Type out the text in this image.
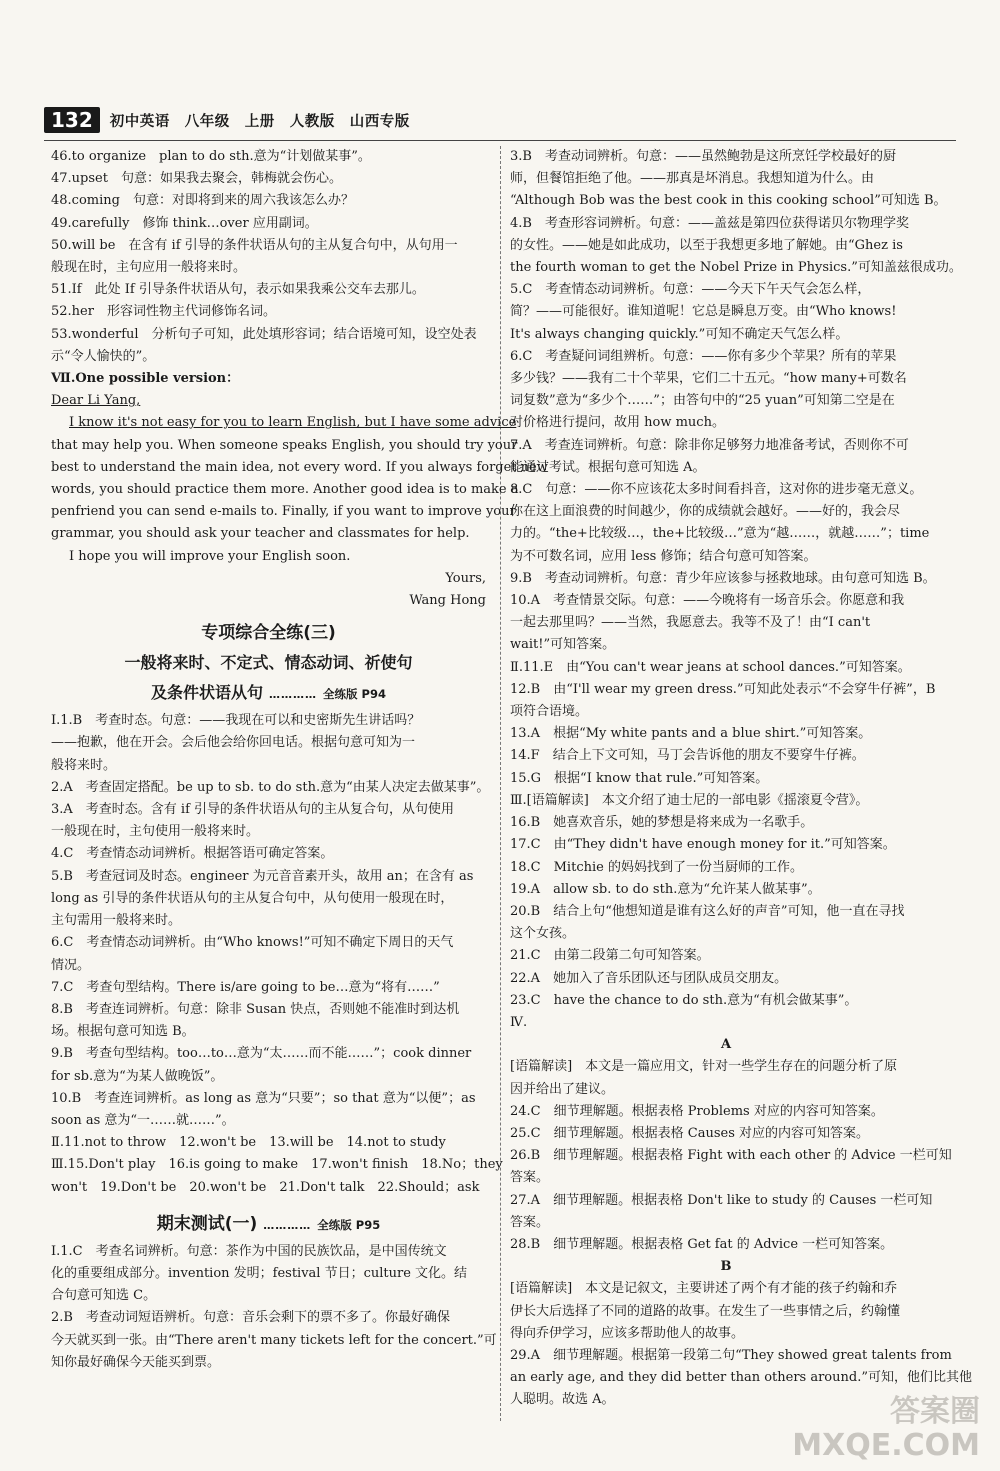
132	初中英语　八年级　上册　人教版　山西专版
46.to organize　plan to do sth.意为“计划做某事”。
47.upset　句意：如果我去聚会，韩梅就会伤心。
48.coming　句意：对即将到来的周六我该怎么办？
49.carefully　修饰 think…over 应用副词。
50.will be　在含有 if 引导的条件状语从句的主从复合句中，从句用一
般现在时，主句应用一般将来时。
51.If　此处 If 引导条件状语从句，表示如果我乘公交车去那儿。
52.her　形容词性物主代词修饰名词。
53.wonderful　分析句子可知，此处填形容词；结合语境可知，设空处表
示“令人愉快的”。
Ⅶ.One possible version：
Dear Li Yang,
I know it's not easy for you to learn English, but I have some advice
that may help you. When someone speaks English, you should try your
best to understand the main idea, not every word. If you always forget new
words, you should practice them more. Another good idea is to make a
penfriend you can send e-mails to. Finally, if you want to improve your
grammar, you should ask your teacher and classmates for help.
I hope you will improve your English soon.
Yours,
Wang Hong
专项综合全练(三)
一般将来时、不定式、情态动词、祈使句
及条件状语从句 ………… 全练版 P94
Ⅰ.1.B　考查时态。句意：——我现在可以和史密斯先生讲话吗？
——抱歉，他在开会。会后他会给你回电话。根据句意可知为一
般将来时。
2.A　考查固定搭配。be up to sb. to do sth.意为“由某人决定去做某事”。
3.A　考查时态。含有 if 引导的条件状语从句的主从复合句，从句使用
一般现在时，主句使用一般将来时。
4.C　考查情态动词辨析。根据答语可确定答案。
5.B　考查冠词及时态。engineer 为元音音素开头，故用 an；在含有 as
long as 引导的条件状语从句的主从复合句中，从句使用一般现在时，
主句需用一般将来时。
6.C　考查情态动词辨析。由“Who knows!”可知不确定下周日的天气
情况。
7.C　考查句型结构。There is/are going to be…意为“将有……”
8.B　考查连词辨析。句意：除非 Susan 快点，否则她不能准时到达机
场。根据句意可知选 B。
9.B　考查句型结构。too…to…意为“太……而不能……”；cook dinner
for sb.意为“为某人做晚饭”。
10.B　考查连词辨析。as long as 意为“只要”；so that 意为“以便”；as
soon as 意为“一……就……”。
Ⅱ.11.not to throw　12.won't be　13.will be　14.not to study
Ⅲ.15.Don't play　16.is going to make　17.won't finish　18.No；they
won't　19.Don't be　20.won't be　21.Don't talk　22.Should；ask
期末测试(一) ………… 全练版 P95
Ⅰ.1.C　考查名词辨析。句意：茶作为中国的民族饮品，是中国传统文
化的重要组成部分。invention 发明；festival 节日；culture 文化。结
合句意可知选 C。
2.B　考查动词短语辨析。句意：音乐会剩下的票不多了。你最好确保
今天就买到一张。由“There aren't many tickets left for the concert.”可
知你最好确保今天能买到票。
3.B　考查动词辨析。句意：——虽然鲍勃是这所烹饪学校最好的厨
师，但餐馆拒绝了他。——那真是坏消息。我想知道为什么。由
“Although Bob was the best cook in this cooking school”可知选 B。
4.B　考查形容词辨析。句意：——盖兹是第四位获得诺贝尔物理学奖
的女性。——她是如此成功，以至于我想更多地了解她。由“Ghez is
the fourth woman to get the Nobel Prize in Physics.”可知盖兹很成功。
5.C　考查情态动词辨析。句意：——今天下午天气会怎么样，
简？——可能很好。谁知道呢！它总是瞬息万变。由“Who knows!
It's always changing quickly.”可知不确定天气怎么样。
6.C　考查疑问词组辨析。句意：——你有多少个苹果？所有的苹果
多少钱？——我有二十个苹果，它们二十五元。“how many+可数名
词复数”意为“多少个……”；由答句中的“25 yuan”可知第二空是在
对价格进行提问，故用 how much。
7.A　考查连词辨析。句意：除非你足够努力地准备考试，否则你不可
能通过考试。根据句意可知选 A。
8.C　句意：——你不应该花太多时间看抖音，这对你的进步毫无意义。
你在这上面浪费的时间越少，你的成绩就会越好。——好的，我会尽
力的。“the+比较级…，the+比较级…”意为“越……，就越……”；time
为不可数名词，应用 less 修饰；结合句意可知答案。
9.B　考查动词辨析。句意：青少年应该参与拯救地球。由句意可知选 B。
10.A　考查情景交际。句意：——今晚将有一场音乐会。你愿意和我
一起去那里吗？——当然，我愿意去。我等不及了！由“I can't
wait!”可知答案。
Ⅱ.11.E　由“You can't wear jeans at school dances.”可知答案。
12.B　由“I'll wear my green dress.”可知此处表示“不会穿牛仔裤”，B
项符合语境。
13.A　根据“My white pants and a blue shirt.”可知答案。
14.F　结合上下文可知，马丁会告诉他的朋友不要穿牛仔裤。
15.G　根据“I know that rule.”可知答案。
Ⅲ.[语篇解读]　本文介绍了迪士尼的一部电影《摇滚夏令营》。
16.B　她喜欢音乐，她的梦想是将来成为一名歌手。
17.C　由“They didn't have enough money for it.”可知答案。
18.C　Mitchie 的妈妈找到了一份当厨师的工作。
19.A　allow sb. to do sth.意为“允许某人做某事”。
20.B　结合上句“他想知道是谁有这么好的声音”可知，他一直在寻找
这个女孩。
21.C　由第二段第二句可知答案。
22.A　她加入了音乐团队还与团队成员交朋友。
23.C　have the chance to do sth.意为“有机会做某事”。
Ⅳ.
A
[语篇解读]　本文是一篇应用文，针对一些学生存在的问题分析了原
因并给出了建议。
24.C　细节理解题。根据表格 Problems 对应的内容可知答案。
25.C　细节理解题。根据表格 Causes 对应的内容可知答案。
26.B　细节理解题。根据表格 Fight with each other 的 Advice 一栏可知
答案。
27.A　细节理解题。根据表格 Don't like to study 的 Causes 一栏可知
答案。
28.B　细节理解题。根据表格 Get fat 的 Advice 一栏可知答案。
B
[语篇解读]　本文是记叙文，主要讲述了两个有才能的孩子约翰和乔
伊长大后选择了不同的道路的故事。在发生了一些事情之后，约翰懂
得向乔伊学习，应该多帮助他人的故事。
29.A　细节理解题。根据第一段第二句“They showed great talents from
an early age, and they did better than others around.”可知，他们比其他
人聪明。故选 A。	答案圈
MXQE.COM
